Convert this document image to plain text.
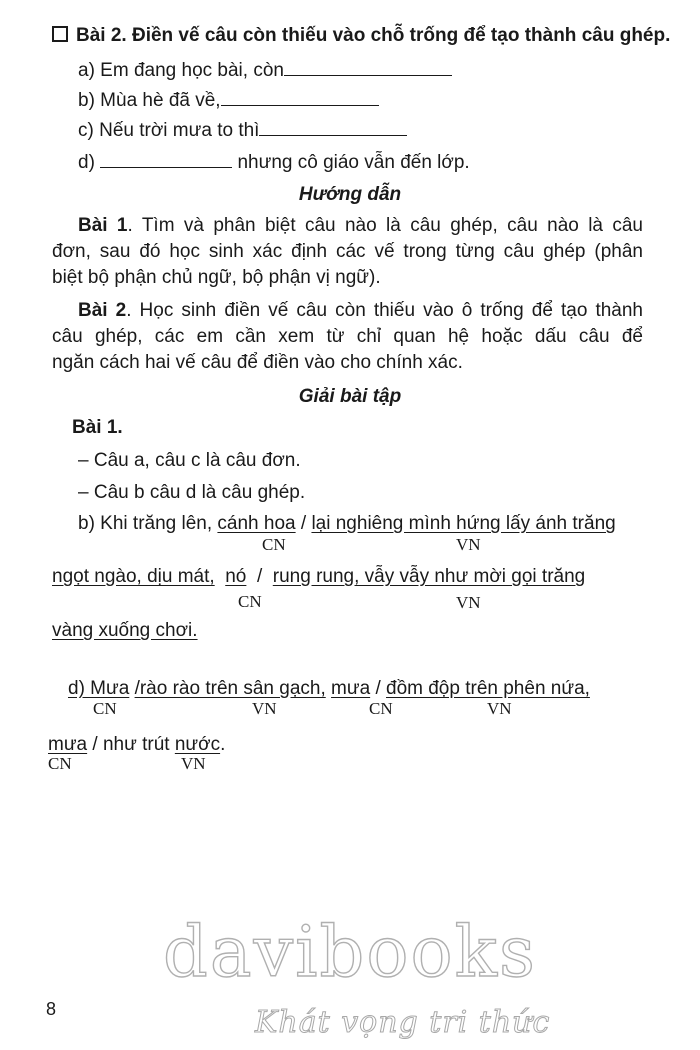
Bài 2. Điền vế câu còn thiếu vào chỗ trống để tạo thành câu ghép.
a) Em đang học bài, còn
b) Mùa hè đã về,
c) Nếu trời mưa to thì
d)	nhưng cô giáo vẫn đến lớp.
Hướng dẫn
Bài 1. Tìm và phân biệt câu nào là câu ghép, câu nào là câu
đơn, sau đó học sinh xác định các vế trong từng câu ghép (phân
biệt bộ phận chủ ngữ, bộ phận vị ngữ).
Bài 2. Học sinh điền vế câu còn thiếu vào ô trống để tạo thành
câu ghép, các em cần xem từ chỉ quan hệ hoặc dấu câu để
ngăn cách hai vế câu để điền vào cho chính xác.
Giải bài tập
Bài 1.
– Câu a, câu c là câu đơn.
– Câu b câu d là câu ghép.
b) Khi trăng lên, cánh hoa / lại nghiêng mình hứng lấy ánh trăng
CN	VN
ngọt ngào, dịu mát, nó / rung rung, vẫy vẫy như mời gọi trăng
CN	VN
vàng xuống chơi.
d) Mưa /rào rào trên sân gạch, mưa / đồm độp trên phên nứa,
CN	VN	CN	VN
mưa / như trút nước.
CN	VN
8
davibooks
Khát vọng tri thức
